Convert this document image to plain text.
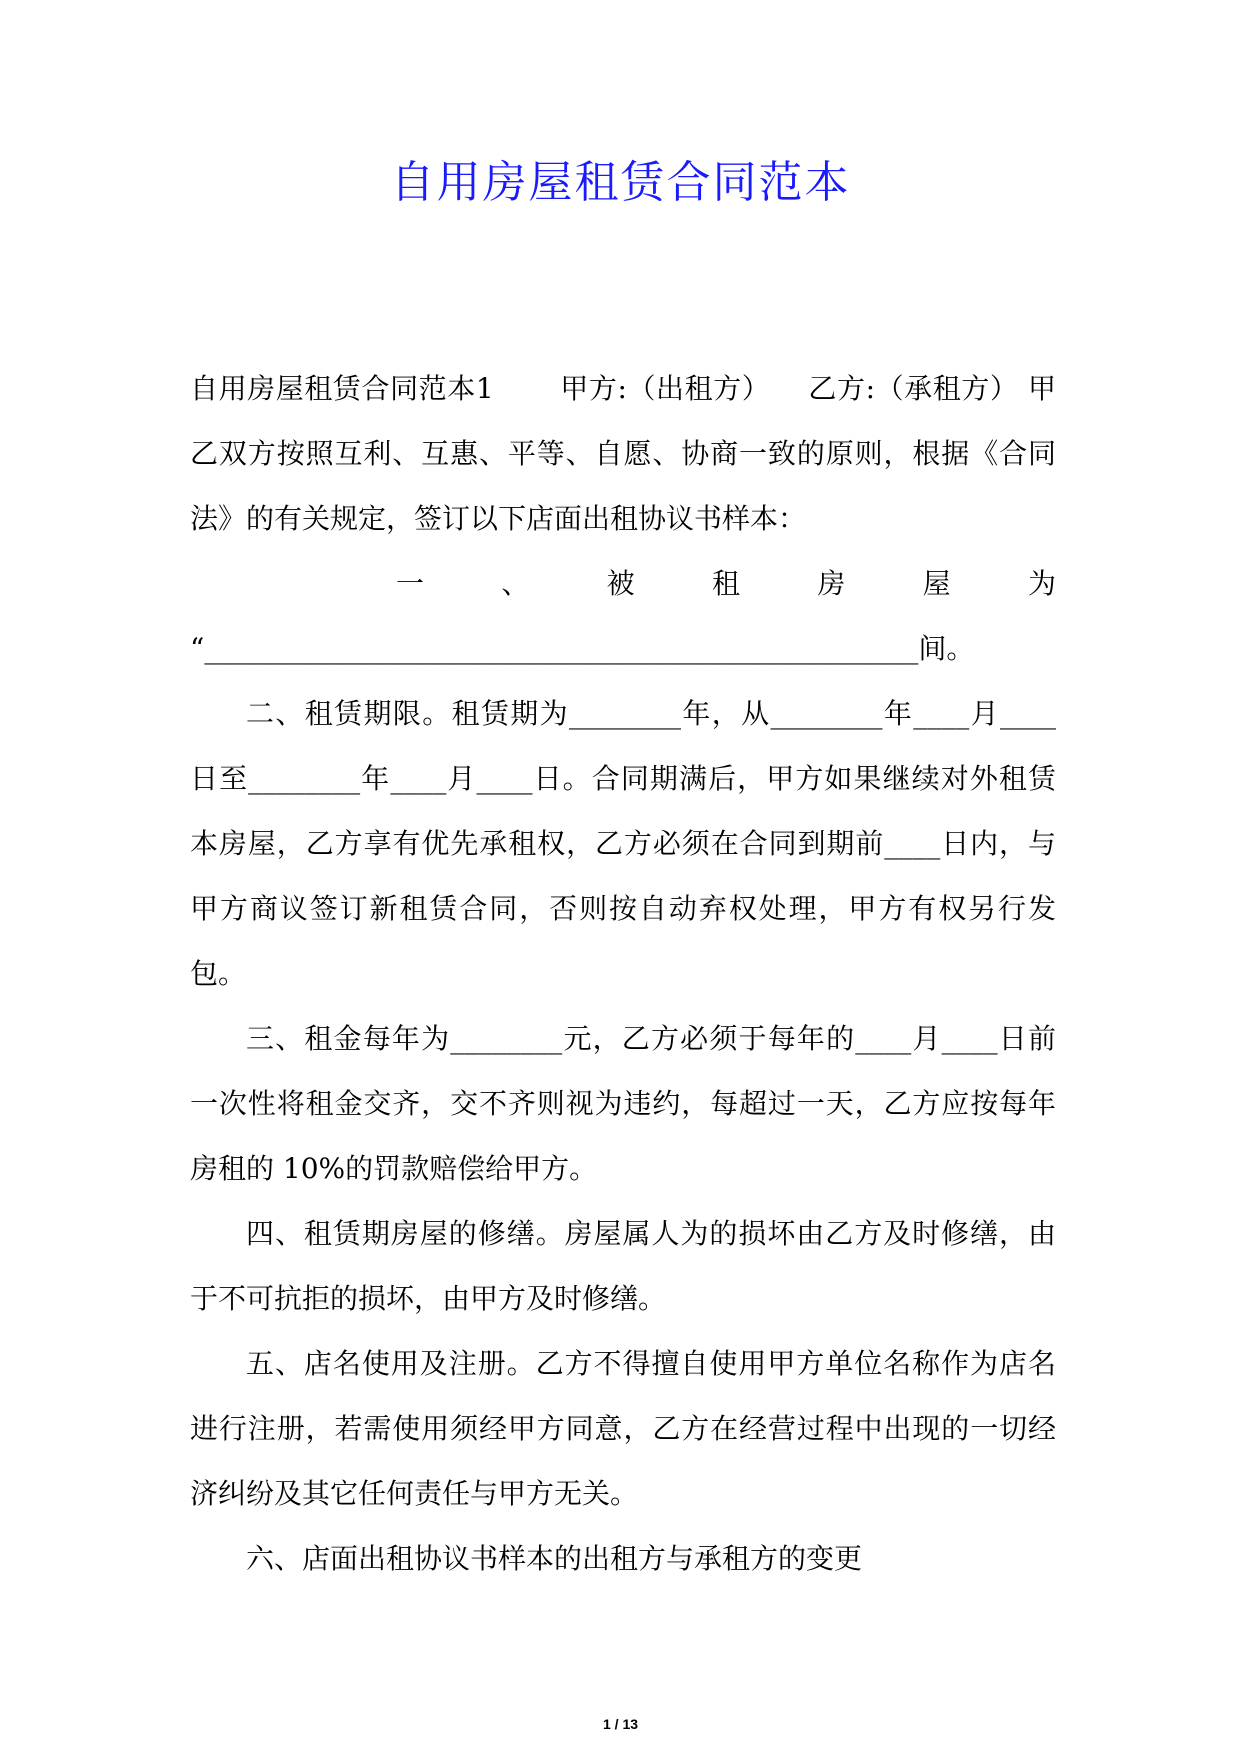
自用房屋租赁合同范本

自用房屋租赁合同范本1 　　甲方:（出租方） 　乙方:（承租方） 甲乙双方按照互利、互惠、平等、自愿、协商一致的原则，根据《合同法》的有关规定，签订以下店面出租协议书样本：

一	、	被	租	房	屋	为

“___________________________________________________间。

二、租赁期限。租赁期为________年，从________年____月____日至________年____月____日。合同期满后，甲方如果继续对外租赁本房屋，乙方享有优先承租权，乙方必须在合同到期前____日内，与甲方商议签订新租赁合同，否则按自动弃权处理，甲方有权另行发包。

三、租金每年为________元，乙方必须于每年的____月____日前一次性将租金交齐，交不齐则视为违约，每超过一天，乙方应按每年房租的 10%的罚款赔偿给甲方。

四、租赁期房屋的修缮。房屋属人为的损坏由乙方及时修缮，由于不可抗拒的损坏，由甲方及时修缮。

五、店名使用及注册。乙方不得擅自使用甲方单位名称作为店名进行注册，若需使用须经甲方同意，乙方在经营过程中出现的一切经济纠纷及其它任何责任与甲方无关。

六、店面出租协议书样本的出租方与承租方的变更

1 / 13
